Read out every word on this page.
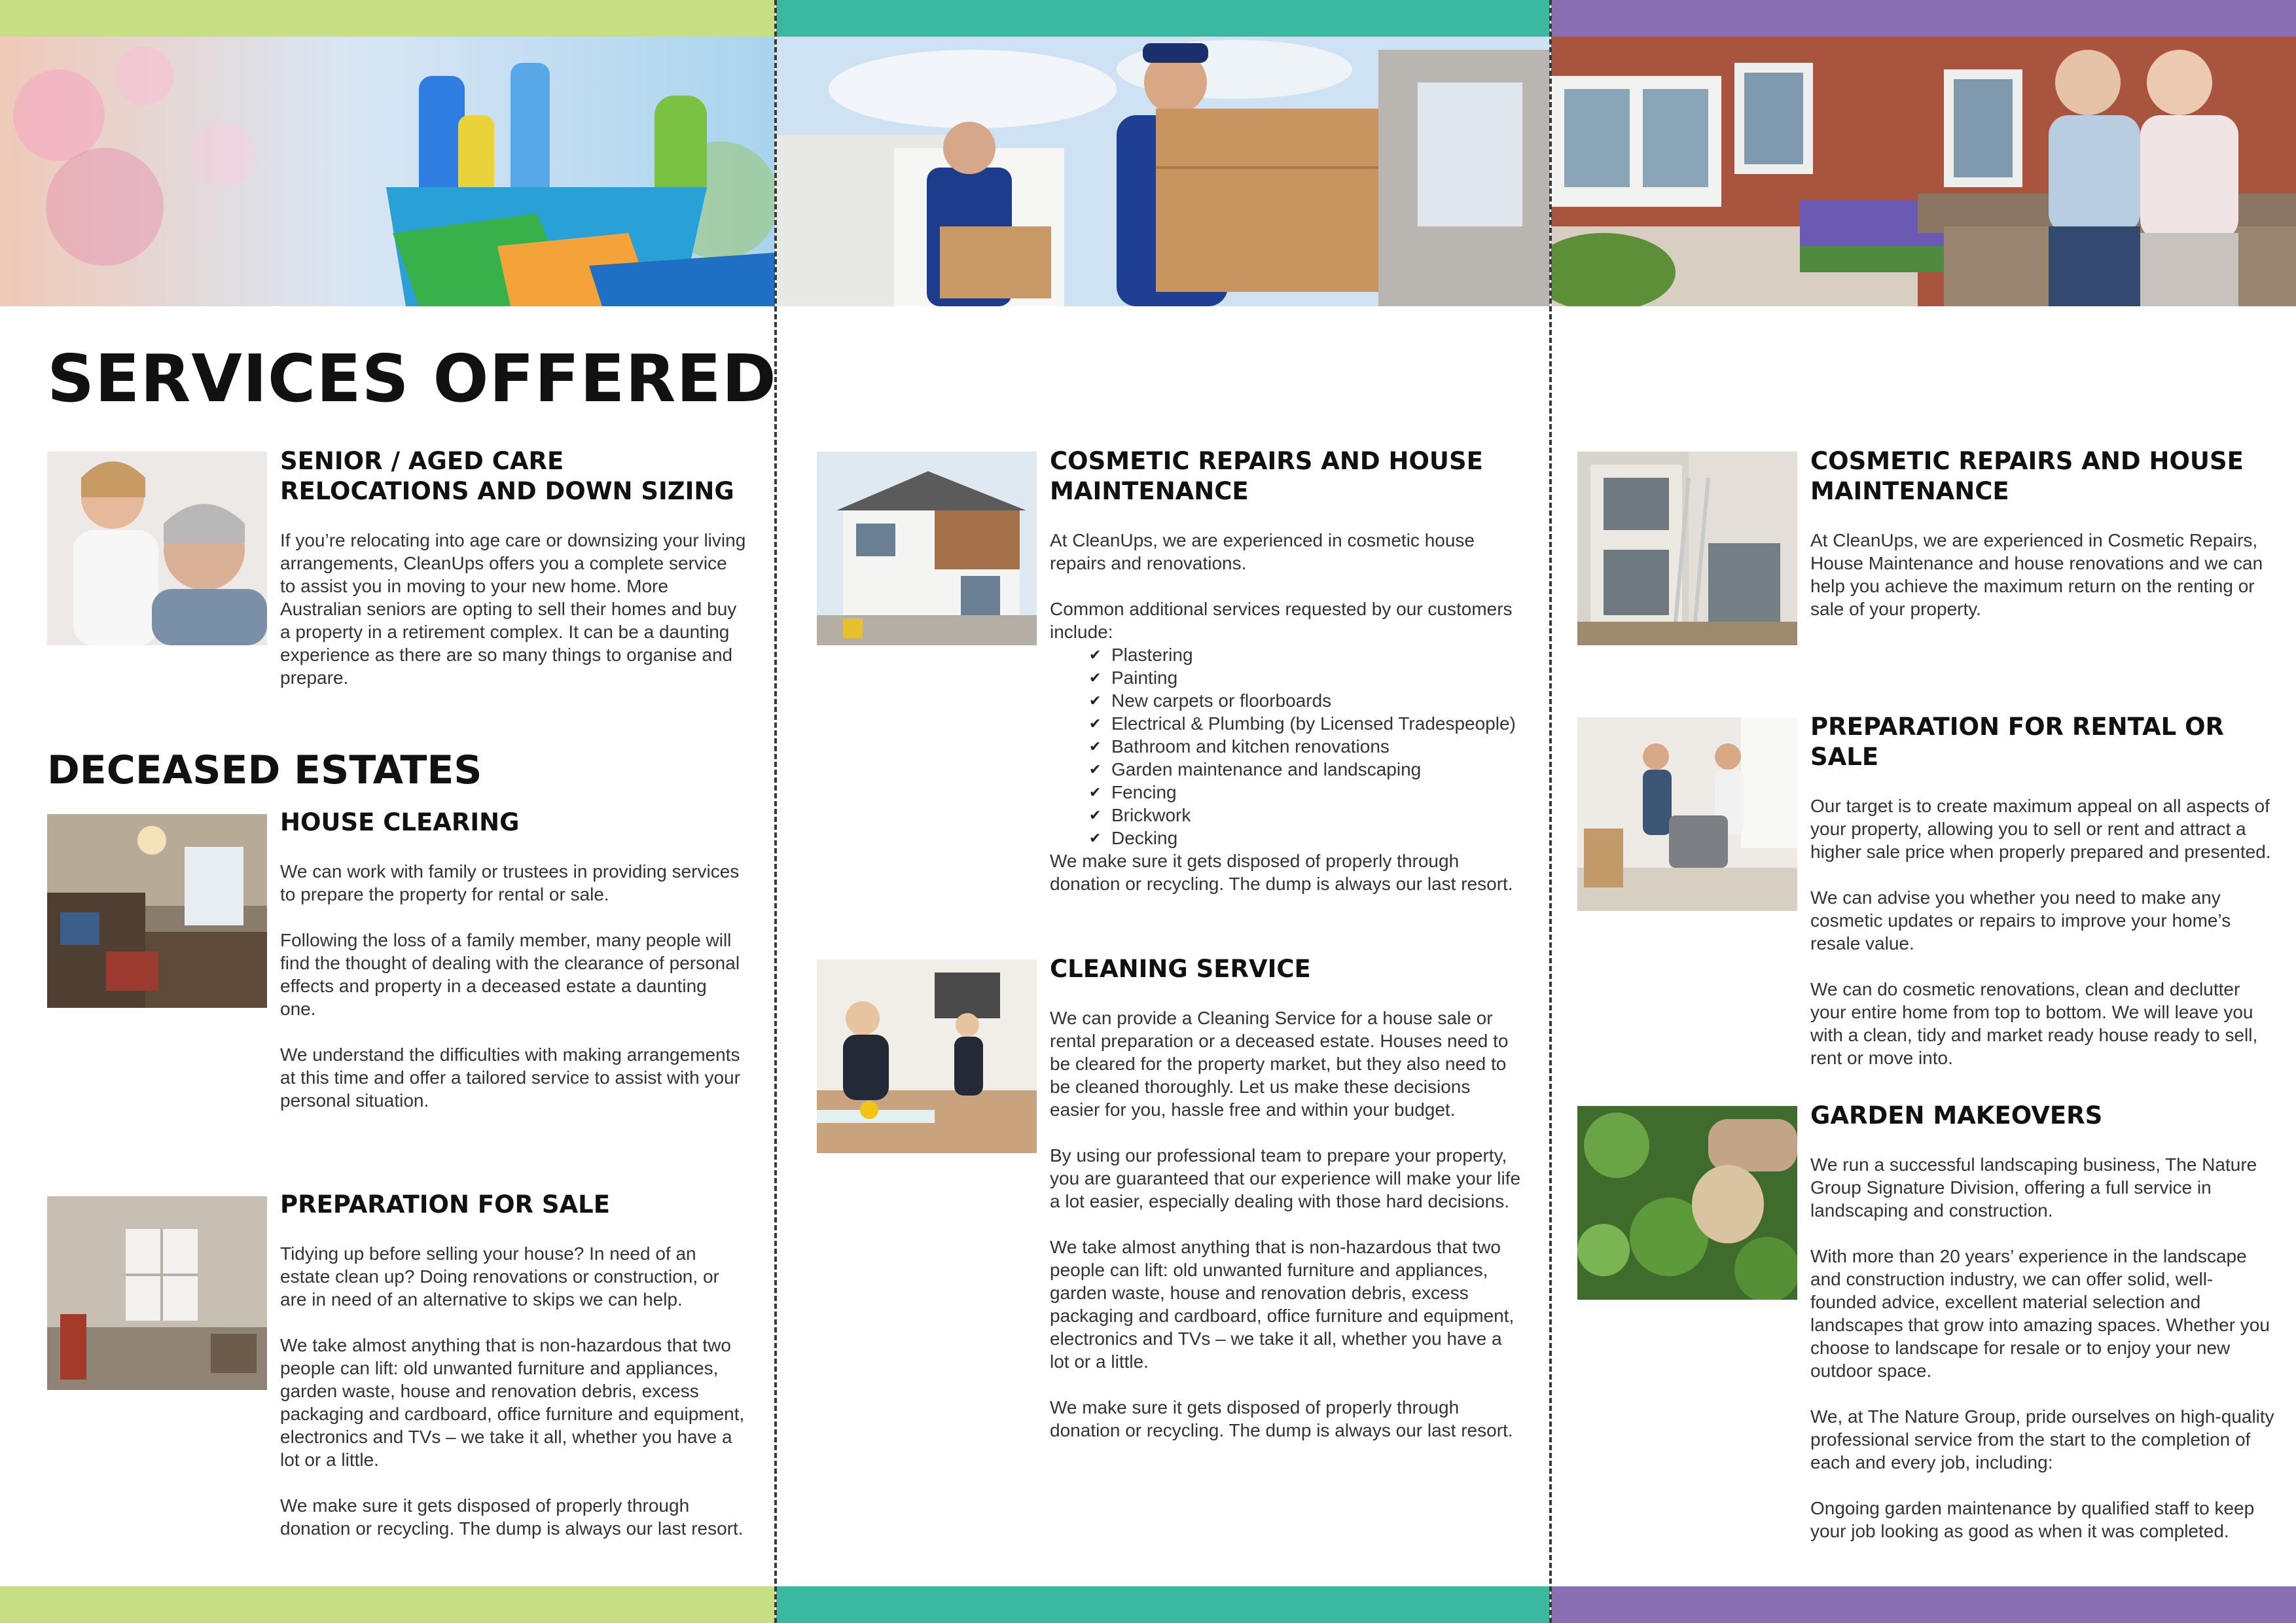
SERVICES OFFERED
DECEASED ESTATES
SENIOR / AGED CARE RELOCATIONS AND DOWN SIZING

If you’re relocating into age care or downsizing your living arrangements, CleanUps offers you a complete service to assist you in moving to your new home. More Australian seniors are opting to sell their homes and buy a property in a retirement complex. It can be a daunting experience as there are so many things to organise and prepare.

HOUSE CLEARING

We can work with family or trustees in providing services to prepare the property for rental or sale.

Following the loss of a family member, many people will find the thought of dealing with the clearance of personal effects and property in a deceased estate a daunting one.

We understand the difficulties with making arrangements at this time and offer a tailored service to assist with your personal situation.

PREPARATION FOR SALE

Tidying up before selling your house? In need of an estate clean up? Doing renovations or construction, or are in need of an alternative to skips we can help.

We take almost anything that is non-hazardous that two people can lift: old unwanted furniture and appliances, garden waste, house and renovation debris, excess packaging and cardboard, office furniture and equipment, electronics and TVs – we take it all, whether you have a lot or a little.

We make sure it gets disposed of properly through donation or recycling. The dump is always our last resort.

COSMETIC REPAIRS AND HOUSE MAINTENANCE

At CleanUps, we are experienced in cosmetic house repairs and renovations.

Common additional services requested by our customers include:

✔ Plastering
✔ Painting
✔ New carpets or floorboards
✔ Electrical & Plumbing (by Licensed Tradespeople)
✔ Bathroom and kitchen renovations
✔ Garden maintenance and landscaping
✔ Fencing
✔ Brickwork
✔ Decking

We make sure it gets disposed of properly through donation or recycling. The dump is always our last resort.

CLEANING SERVICE

We can provide a Cleaning Service for a house sale or rental preparation or a deceased estate. Houses need to be cleared for the property market, but they also need to be cleaned thoroughly. Let us make these decisions easier for you, hassle free and within your budget.

By using our professional team to prepare your property, you are guaranteed that our experience will make your life a lot easier, especially dealing with those hard decisions.

We take almost anything that is non-hazardous that two people can lift: old unwanted furniture and appliances, garden waste, house and renovation debris, excess packaging and cardboard, office furniture and equipment, electronics and TVs – we take it all, whether you have a lot or a little.

We make sure it gets disposed of properly through donation or recycling. The dump is always our last resort.

COSMETIC REPAIRS AND HOUSE MAINTENANCE

At CleanUps, we are experienced in Cosmetic Repairs, House Maintenance and house renovations and we can help you achieve the maximum return on the renting or sale of your property.

PREPARATION FOR RENTAL OR SALE

Our target is to create maximum appeal on all aspects of your property, allowing you to sell or rent and attract a higher sale price when properly prepared and presented.

We can advise you whether you need to make any cosmetic updates or repairs to improve your home’s resale value.

We can do cosmetic renovations, clean and declutter your entire home from top to bottom. We will leave you with a clean, tidy and market ready house ready to sell, rent or move into.

GARDEN MAKEOVERS

We run a successful landscaping business, The Nature Group Signature Division, offering a full service in landscaping and construction.

With more than 20 years’ experience in the landscape and construction industry, we can offer solid, well-founded advice, excellent material selection and landscapes that grow into amazing spaces. Whether you choose to landscape for resale or to enjoy your new outdoor space.

We, at The Nature Group, pride ourselves on high-quality professional service from the start to the completion of each and every job, including:

Ongoing garden maintenance by qualified staff to keep your job looking as good as when it was completed.
